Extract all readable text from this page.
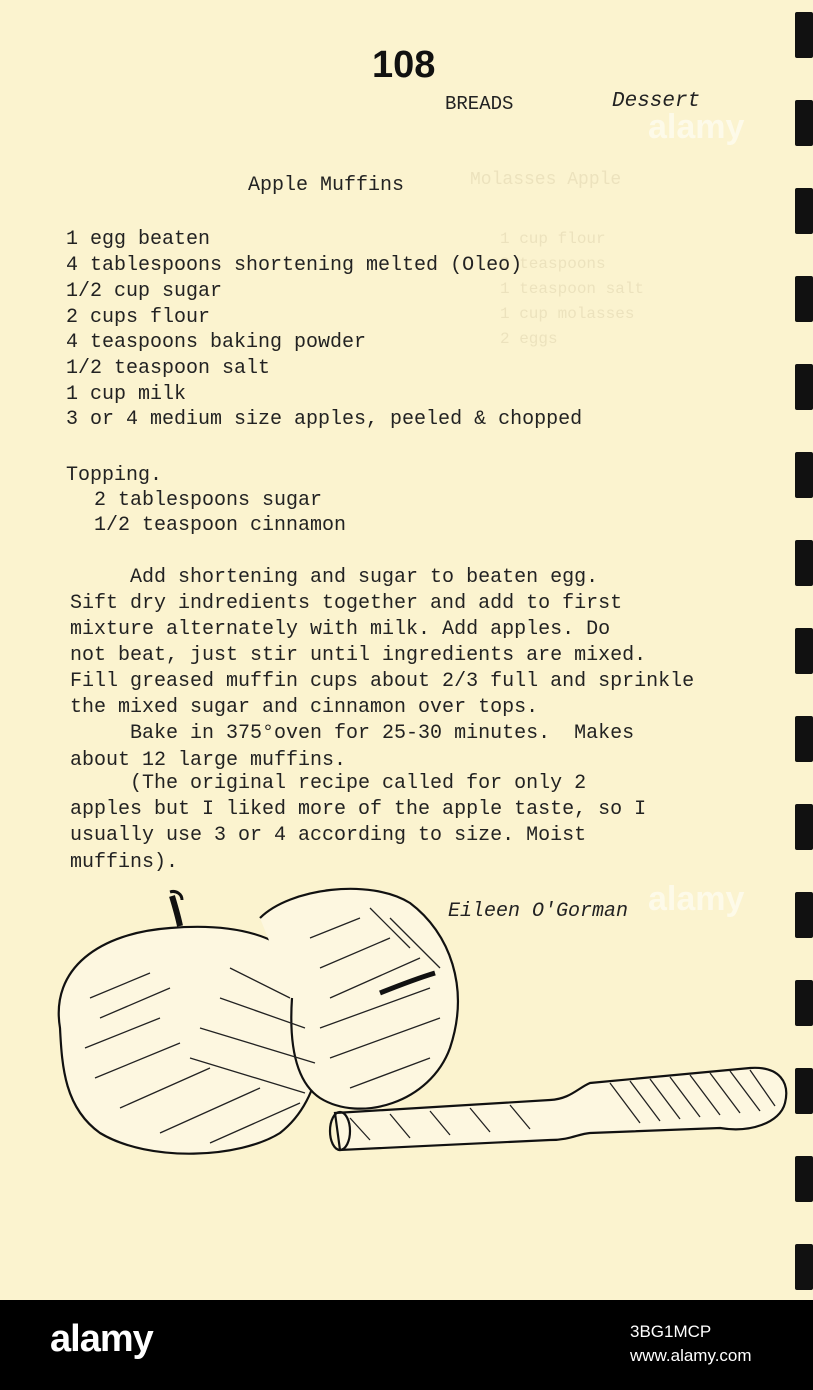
Molasses Apple
1 cup flour
2 teaspoons
1 teaspoon salt
1 cup molasses
2 eggs
108
BREADS	Dessert
Apple Muffins
1 egg beaten
4 tablespoons shortening melted (Oleo)
1/2 cup sugar
2 cups flour
4 teaspoons baking powder
1/2 teaspoon salt
1 cup milk
3 or 4 medium size apples, peeled & chopped
Topping.
2 tablespoons sugar
1/2 teaspoon cinnamon
Add shortening and sugar to beaten egg.
Sift dry indredients together and add to first
mixture alternately with milk. Add apples. Do
not beat, just stir until ingredients are mixed.
Fill greased muffin cups about 2/3 full and sprinkle
the mixed sugar and cinnamon over tops.
Bake in 375°oven for 25-30 minutes.  Makes
about 12 large muffins.
(The original recipe called for only 2
apples but I liked more of the apple taste, so I
usually use 3 or 4 according to size. Moist
muffins).
Eileen O'Gorman
alamy
alamy
alamy	3BG1MCP
www.alamy.com
